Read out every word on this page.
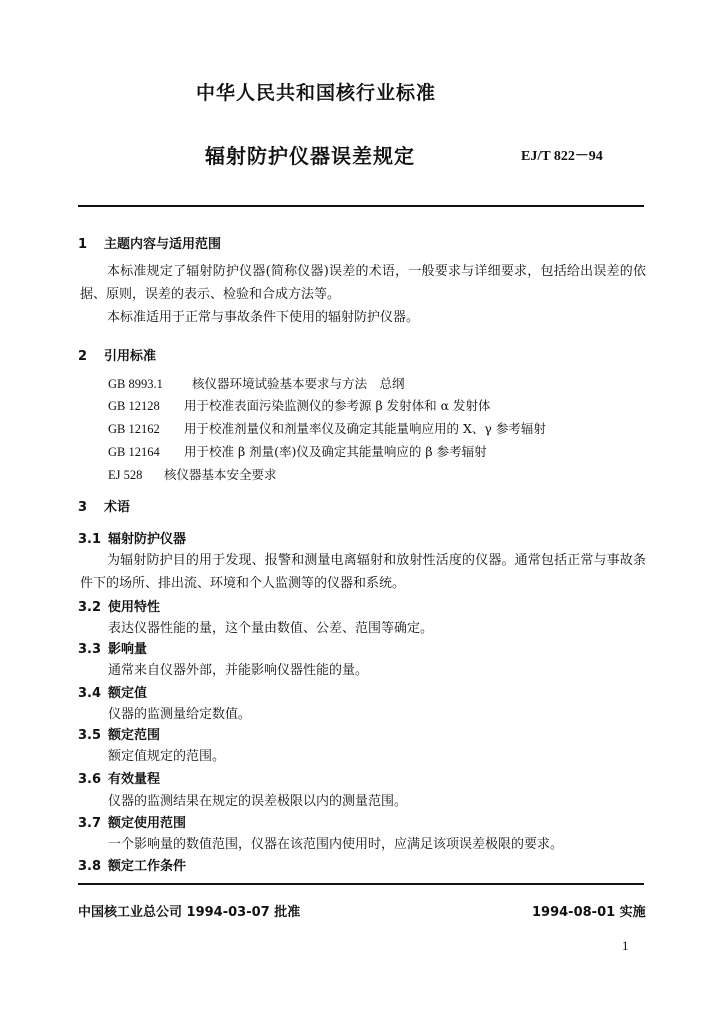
中华人民共和国核行业标准
辐射防护仪器误差规定	EJ/T 822－94
1 主题内容与适用范围
本标准规定了辐射防护仪器(简称仪器)误差的术语，一般要求与详细要求，包括给出误差的依据、原则，误差的表示、检验和合成方法等。
本标准适用于正常与事故条件下使用的辐射防护仪器。
2 引用标准
GB 8993.1 核仪器环境试验基本要求与方法　总纲
GB 12128 用于校准表面污染监测仪的参考源 β 发射体和 α 发射体
GB 12162 用于校准剂量仪和剂量率仪及确定其能量响应用的 X、γ 参考辐射
GB 12164 用于校准 β 剂量(率)仪及确定其能量响应的 β 参考辐射
EJ 528 核仪器基本安全要求
3 术语
3.1 辐射防护仪器
为辐射防护目的用于发现、报警和测量电离辐射和放射性活度的仪器。通常包括正常与事故条件下的场所、排出流、环境和个人监测等的仪器和系统。
3.2 使用特性
表达仪器性能的量，这个量由数值、公差、范围等确定。
3.3 影响量
通常来自仪器外部，并能影响仪器性能的量。
3.4 额定值
仪器的监测量给定数值。
3.5 额定范围
额定值规定的范围。
3.6 有效量程
仪器的监测结果在规定的误差极限以内的测量范围。
3.7 额定使用范围
一个影响量的数值范围，仪器在该范围内使用时，应满足该项误差极限的要求。
3.8 额定工作条件
中国核工业总公司 1994-03-07 批准	1994-08-01 实施
1
